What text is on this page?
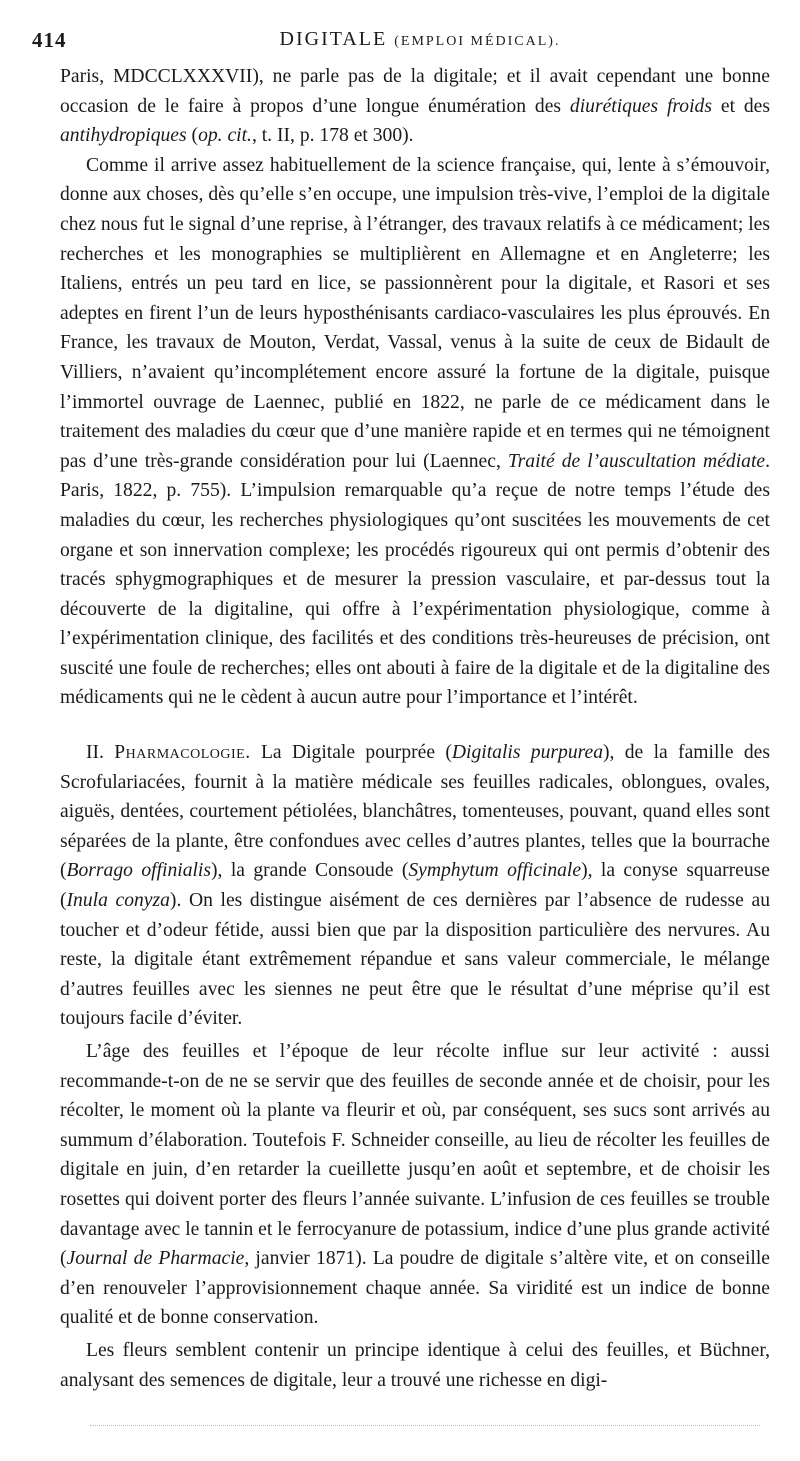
414	DIGITALE (EMPLOI MÉDICAL).

Paris, MDCCLXXXVII), ne parle pas de la digitale; et il avait cependant une bonne occasion de le faire à propos d’une longue énumération des diurétiques froids et des antihydropiques (op. cit., t. II, p. 178 et 300).

Comme il arrive assez habituellement de la science française, qui, lente à s’émouvoir, donne aux choses, dès qu’elle s’en occupe, une impulsion très-vive, l’emploi de la digitale chez nous fut le signal d’une reprise, à l’étranger, des travaux relatifs à ce médicament; les recherches et les monographies se multiplièrent en Allemagne et en Angleterre; les Italiens, entrés un peu tard en lice, se passionnèrent pour la digitale, et Rasori et ses adeptes en firent l’un de leurs hyposthénisants cardiaco-vasculaires les plus éprouvés. En France, les travaux de Mouton, Verdat, Vassal, venus à la suite de ceux de Bidault de Villiers, n’avaient qu’incomplétement encore assuré la fortune de la digitale, puisque l’immortel ouvrage de Laennec, publié en 1822, ne parle de ce médicament dans le traitement des maladies du cœur que d’une manière rapide et en termes qui ne témoignent pas d’une très-grande considération pour lui (Laennec, Traité de l’auscultation médiate. Paris, 1822, p. 755). L’impulsion remarquable qu’a reçue de notre temps l’étude des maladies du cœur, les recherches physiologiques qu’ont suscitées les mouvements de cet organe et son innervation complexe; les procédés rigoureux qui ont permis d’obtenir des tracés sphygmographiques et de mesurer la pression vasculaire, et par-dessus tout la découverte de la digitaline, qui offre à l’expérimentation physiologique, comme à l’expérimentation clinique, des facilités et des conditions très-heureuses de précision, ont suscité une foule de recherches; elles ont abouti à faire de la digitale et de la digitaline des médicaments qui ne le cèdent à aucun autre pour l’importance et l’intérêt.

II. Pharmacologie. La Digitale pourprée (Digitalis purpurea), de la famille des Scrofulariacées, fournit à la matière médicale ses feuilles radicales, oblongues, ovales, aiguës, dentées, courtement pétiolées, blanchâtres, tomenteuses, pouvant, quand elles sont séparées de la plante, être confondues avec celles d’autres plantes, telles que la bourrache (Borrago offinialis), la grande Consoude (Symphytum officinale), la conyse squarreuse (Inula conyza). On les distingue aisément de ces dernières par l’absence de rudesse au toucher et d’odeur fétide, aussi bien que par la disposition particulière des nervures. Au reste, la digitale étant extrêmement répandue et sans valeur commerciale, le mélange d’autres feuilles avec les siennes ne peut être que le résultat d’une méprise qu’il est toujours facile d’éviter.

L’âge des feuilles et l’époque de leur récolte influe sur leur activité : aussi recommande-t-on de ne se servir que des feuilles de seconde année et de choisir, pour les récolter, le moment où la plante va fleurir et où, par conséquent, ses sucs sont arrivés au summum d’élaboration. Toutefois F. Schneider conseille, au lieu de récolter les feuilles de digitale en juin, d’en retarder la cueillette jusqu’en août et septembre, et de choisir les rosettes qui doivent porter des fleurs l’année suivante. L’infusion de ces feuilles se trouble davantage avec le tannin et le ferrocyanure de potassium, indice d’une plus grande activité (Journal de Pharmacie, janvier 1871). La poudre de digitale s’altère vite, et on conseille d’en renouveler l’approvisionnement chaque année. Sa viridité est un indice de bonne qualité et de bonne conservation.

Les fleurs semblent contenir un principe identique à celui des feuilles, et Büchner, analysant des semences de digitale, leur a trouvé une richesse en digi-
